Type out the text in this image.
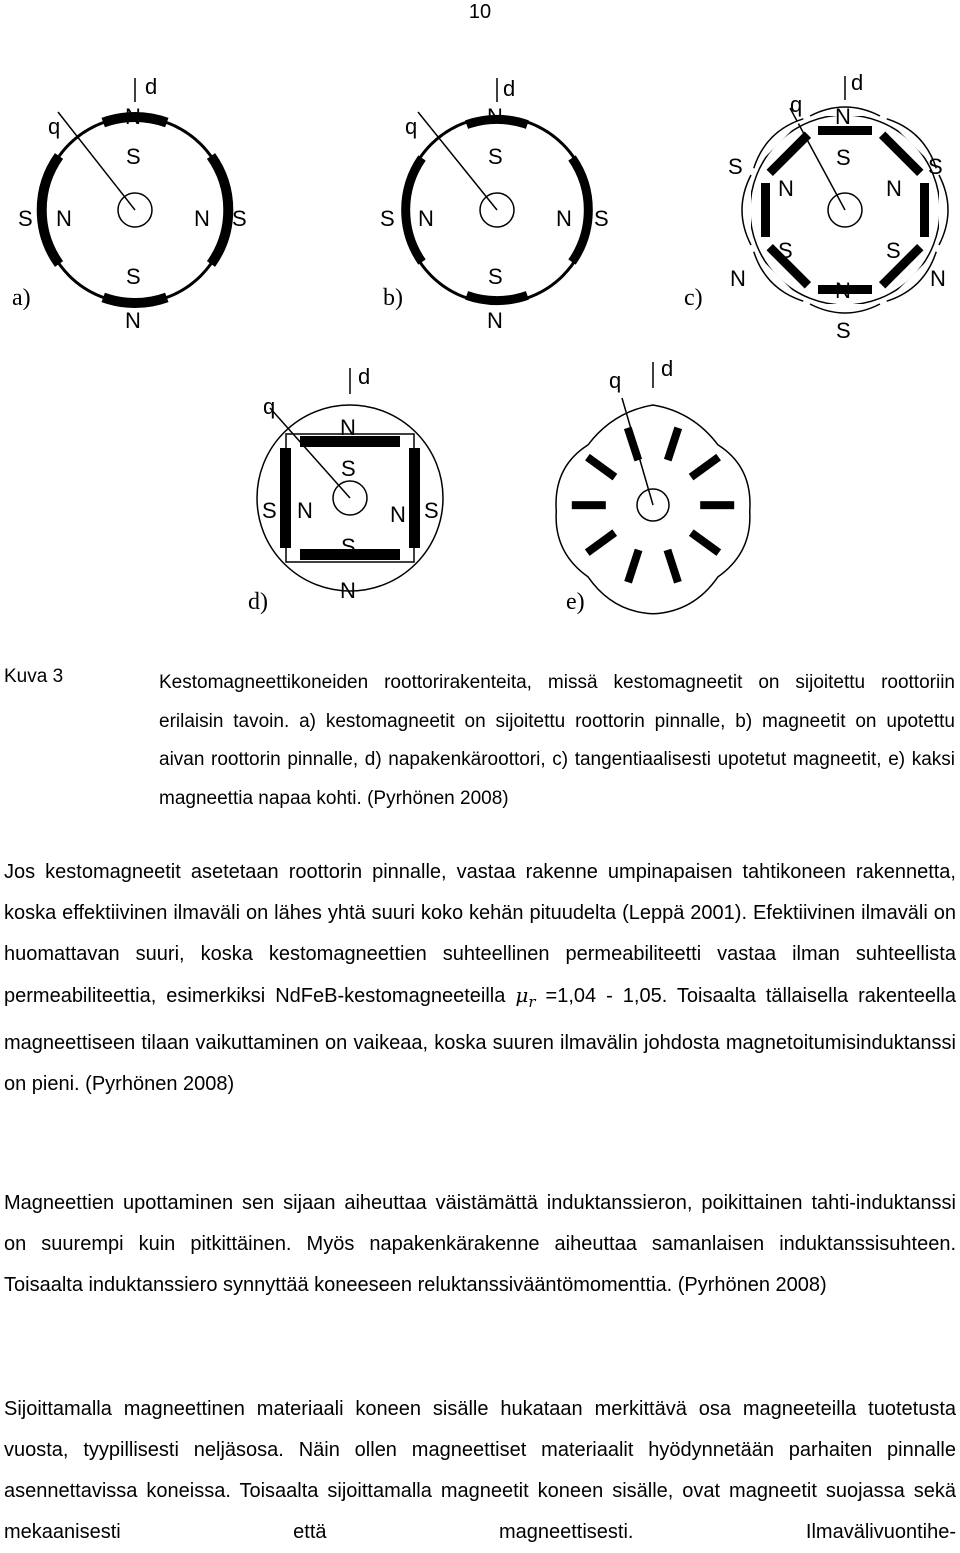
10
d
q	N
S
S
N
S N	N S
a)
d
q	N
S
S
N
S N	N S
b)
d
q N
S
S
N	N
S
S	S
N	N
N
S
c)
d
q
N
S
S
N
S N	N S
d)
d
q
e)
Kuva 3	Kestomagneettikoneiden roottorirakenteita, missä kestomagneetit on sijoitettu roottoriin erilaisin tavoin. a) kestomagneetit on sijoitettu roottorin pinnalle, b) magneetit on upotettu aivan roottorin pinnalle, d) napakenkäroottori, c) tangentiaalisesti upotetut magneetit, e) kaksi magneettia napaa kohti. (Pyrhönen 2008)
Jos kestomagneetit asetetaan roottorin pinnalle, vastaa rakenne umpinapaisen tahtikoneen rakennetta, koska effektiivinen ilmaväli on lähes yhtä suuri koko kehän pituudelta (Leppä 2001). Efektiivinen ilmaväli on huomattavan suuri, koska kestomagneettien suhteellinen permeabiliteetti vastaa ilman suhteellista permeabiliteettia, esimerkiksi NdFeB-kestomagneeteilla $\mu_r =1,04 - 1,05$. Toisaalta tällaisella rakenteella magneettiseen tilaan vaikuttaminen on vaikeaa, koska suuren ilmavälin johdosta magnetoitumisinduktanssi on pieni. (Pyrhönen 2008)
Magneettien upottaminen sen sijaan aiheuttaa väistämättä induktanssieron, poikittainen tahti-induktanssi on suurempi kuin pitkittäinen. Myös napakenkärakenne aiheuttaa samanlaisen induktanssisuhteen. Toisaalta induktanssiero synnyttää koneeseen reluktanssivääntömomenttia. (Pyrhönen 2008)
Sijoittamalla magneettinen materiaali koneen sisälle hukataan merkittävä osa magneeteilla tuotetusta vuosta, tyypillisesti neljäsosa. Näin ollen magneettiset materiaalit hyödynnetään parhaiten pinnalle asennettavissa koneissa. Toisaalta sijoittamalla magneetit koneen sisälle, ovat magneetit suojassa sekä mekaanisesti että magneettisesti. Ilmavälivuontihe-
